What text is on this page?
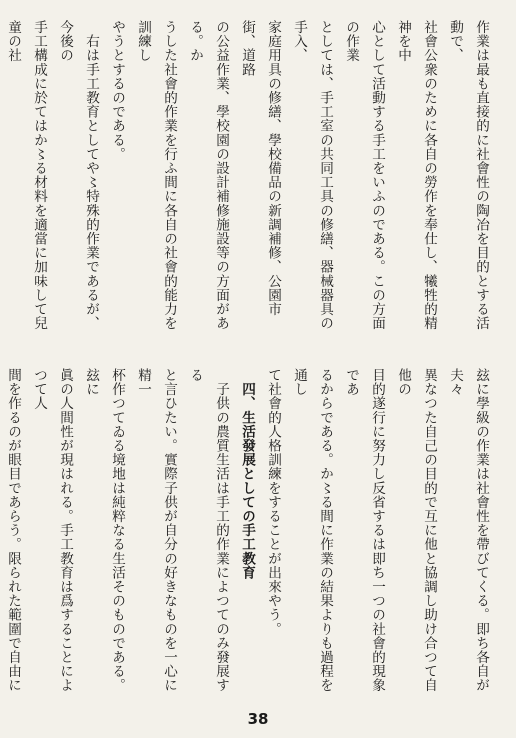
作業は最も直接的に社會性の陶冶を目的とする活動で、
社會公衆のために各自の勞作を奉仕し、犧牲的精神を中
心として活動する手工をいふのである。この方面の作業
としては、手工室の共同工具の修繕、器械器具の手入、
家庭用具の修繕、學校備品の新調補修、公園市街、道路
の公益作業、學校園の設計補修施設等の方面がある。か
うした社會的作業を行ふ間に各自の社會的能力を訓練し
やうとするのである。
　右は手工教育としてや〻特殊的作業であるが、今後の
手工構成に於てはか〻る材料を適當に加味して兒童の社

玆に學級の作業は社會性を帶びてくる。即ち各自が夫々
異なつた自己の目的で互に他と協調し助け合つて自他の
目的遂行に努力し反省するは即ち一つの社會的現象であ
るからである。か〻る間に作業の結果よりも過程を通し
て社會的人格訓練をすることが出來やう。
　四、生活發展としての手工教育
　子供の農質生活は手工的作業によつてのみ發展する
と言ひたい。實際子供が自分の好きなものを一心に精一
杯作つてゐる境地は純粹なる生活そのものである。玆に
眞の人間性が現はれる。手工教育は爲することによつて人
間を作るのが眼目であらう。限られた範圍で自由に

38
